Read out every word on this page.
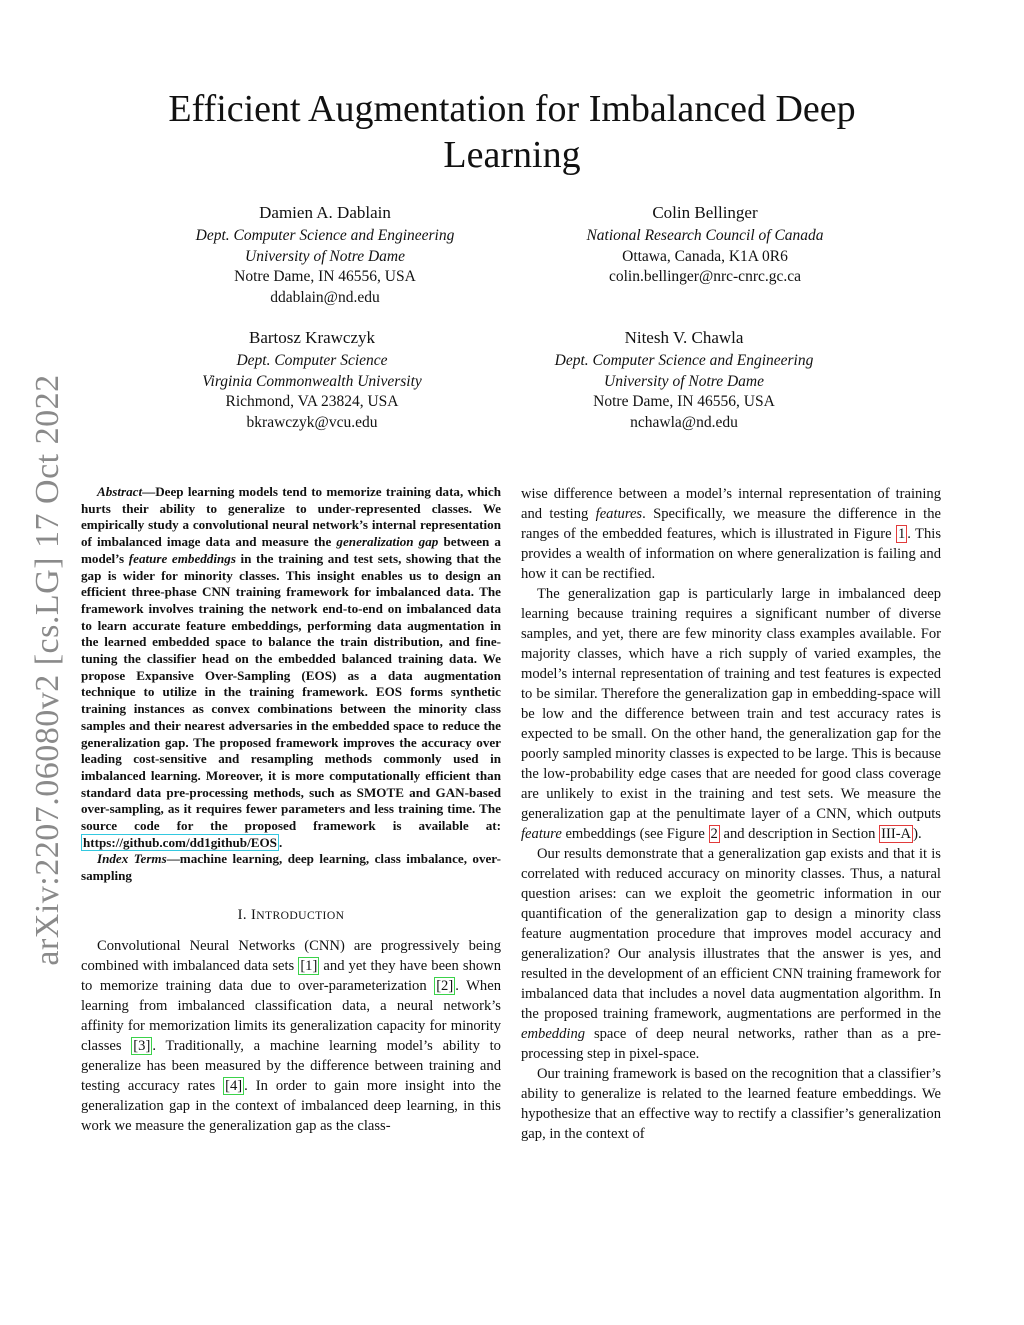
arXiv:2207.06080v2 [cs.LG] 17 Oct 2022
Efficient Augmentation for Imbalanced Deep Learning
Damien A. Dablain
Dept. Computer Science and Engineering
University of Notre Dame
Notre Dame, IN 46556, USA
ddablain@nd.edu
Colin Bellinger
National Research Council of Canada
Ottawa, Canada, K1A 0R6
colin.bellinger@nrc-cnrc.gc.ca
Bartosz Krawczyk
Dept. Computer Science
Virginia Commonwealth University
Richmond, VA 23824, USA
bkrawczyk@vcu.edu
Nitesh V. Chawla
Dept. Computer Science and Engineering
University of Notre Dame
Notre Dame, IN 46556, USA
nchawla@nd.edu

Abstract—Deep learning models tend to memorize training data, which hurts their ability to generalize to under-represented classes. We empirically study a convolutional neural network’s internal representation of imbalanced image data and measure the generalization gap between a model’s feature embeddings in the training and test sets, showing that the gap is wider for minority classes. This insight enables us to design an efficient three-phase CNN training framework for imbalanced data. The framework involves training the network end-to-end on imbalanced data to learn accurate feature embeddings, performing data augmentation in the learned embedded space to balance the train distribution, and fine-tuning the classifier head on the embedded balanced training data. We propose Expansive Over-Sampling (EOS) as a data augmentation technique to utilize in the training framework. EOS forms synthetic training instances as convex combinations between the minority class samples and their nearest adversaries in the embedded space to reduce the generalization gap. The proposed framework improves the accuracy over leading cost-sensitive and resampling methods commonly used in imbalanced learning. Moreover, it is more computationally efficient than standard data pre-processing methods, such as SMOTE and GAN-based over-sampling, as it requires fewer parameters and less training time. The source code for the proposed framework is available at: https://github.com/dd1github/EOS .

Index Terms—machine learning, deep learning, class imbalance, over-sampling

I. INTRODUCTION

Convolutional Neural Networks (CNN) are progressively being combined with imbalanced data sets [1] and yet they have been shown to memorize training data due to over-parameterization [2] . When learning from imbalanced classification data, a neural network’s affinity for memorization limits its generalization capacity for minority classes [3] . Traditionally, a machine learning model’s ability to generalize has been measured by the difference between training and testing accuracy rates [4] . In order to gain more insight into the generalization gap in the context of imbalanced deep learning, in this work we measure the generalization gap as the class-

wise difference between a model’s internal representation of training and testing features. Specifically, we measure the difference in the ranges of the embedded features, which is illustrated in Figure 1 . This provides a wealth of information on where generalization is failing and how it can be rectified.

The generalization gap is particularly large in imbalanced deep learning because training requires a significant number of diverse samples, and yet, there are few minority class examples available. For majority classes, which have a rich supply of varied examples, the model’s internal representation of training and test features is expected to be similar. Therefore the generalization gap in embedding-space will be low and the difference between train and test accuracy rates is expected to be small. On the other hand, the generalization gap for the poorly sampled minority classes is expected to be large. This is because the low-probability edge cases that are needed for good class coverage are unlikely to exist in the training and test sets. We measure the generalization gap at the penultimate layer of a CNN, which outputs feature embeddings (see Figure 2 and description in Section III-A ).

Our results demonstrate that a generalization gap exists and that it is correlated with reduced accuracy on minority classes. Thus, a natural question arises: can we exploit the geometric information in our quantification of the generalization gap to design a minority class feature augmentation procedure that improves model accuracy and generalization? Our analysis illustrates that the answer is yes, and resulted in the development of an efficient CNN training framework for imbalanced data that includes a novel data augmentation algorithm. In the proposed training framework, augmentations are performed in the embedding space of deep neural networks, rather than as a pre-processing step in pixel-space.

Our training framework is based on the recognition that a classifier’s ability to generalize is related to the learned feature embeddings. We hypothesize that an effective way to rectify a classifier’s generalization gap, in the context of
